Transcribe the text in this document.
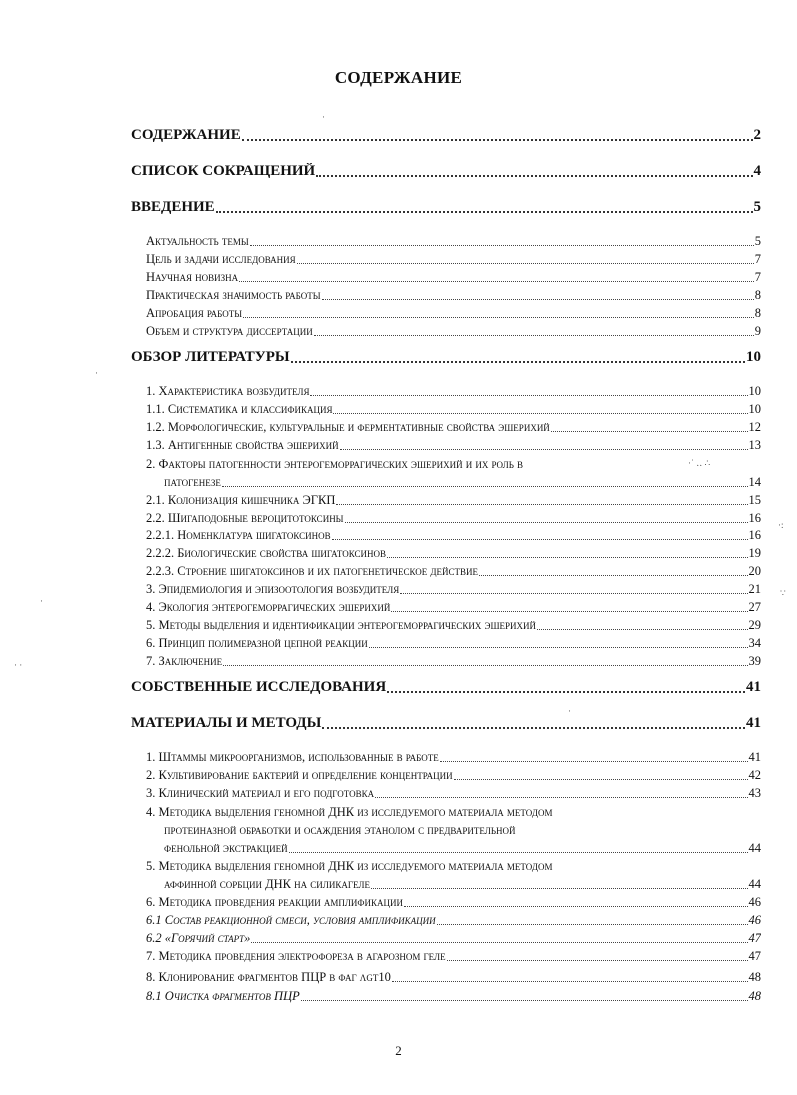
СОДЕРЖАНИЕ
СОДЕРЖАНИЕ	2
СПИСОК СОКРАЩЕНИЙ	4
ВВЕДЕНИЕ	5
Актуальность темы	5
Цель и задачи исследования	7
Научная новизна	7
Практическая значимость работы	8
Апробация работы	8
Объем и структура диссертации	9
ОБЗОР ЛИТЕРАТУРЫ	10
1. Характеристика возбудителя	10
1.1. Систематика и классификация	10
1.2. Морфологические, культуральные и ферментативные свойства эшерихий	12
1.3. Антигенные свойства эшерихий	13
2. Факторы патогенности энтерогеморрагических эшерихий и их роль в
патогенезе	14
2.1. Колонизация кишечника ЭГКП	15
2.2. Шигаподобные вероцитотоксины	16
2.2.1. Номенклатура шигатоксинов	16
2.2.2. Биологические свойства шигатоксинов	19
2.2.3. Строение шигатоксинов и их патогенетическое действие	20
3. Эпидемиология и эпизоотология возбудителя	21
4. Экология энтерогеморрагических эшерихий	27
5. Методы выделения и идентификации энтерогеморрагических эшерихий	29
6. Принцип полимеразной цепной реакции	34
7. Заключение	39
СОБСТВЕННЫЕ ИССЛЕДОВАНИЯ	41
МАТЕРИАЛЫ И МЕТОДЫ	41
1. Штаммы микроорганизмов, использованные в работе	41
2. Культивирование бактерий и определение концентрации	42
3. Клинический материал и его подготовка	43
4. Методика выделения геномной ДНК из исследуемого материала методом
протеиназной обработки и осаждения этанолом с предварительной
фенольной экстракцией	44
5. Методика выделения геномной ДНК из исследуемого материала методом
аффинной сорбции ДНК на силикагеле	44
6. Методика проведения реакции амплификации	46
6.1 Состав реакционной смеси, условия амплификации	46
6.2 «Горячий старт»	47
7. Методика проведения электрофореза в агарозном геле	47
8. Клонирование фрагментов ПЦР в фаг λgt10	48
8.1 Очистка фрагментов ПЦР	48
·
·
·˙ ‥ ∴
·:
∵
·
· ·
·
2
